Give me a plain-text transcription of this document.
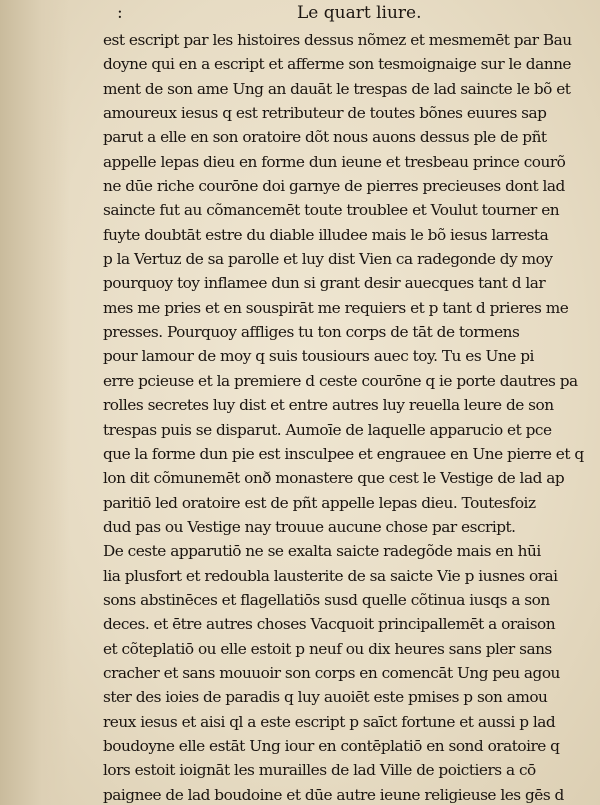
:	Le quart liure.
est escript par les histoires dessus nõmez et mesmemēt par Bau
doyne qui en a escript et afferme son tesmoignaige sur le danne
ment de son ame Ung an dauāt le trespas de lad saincte le bõ et
amoureux iesus q est retributeur de toutes bõnes euures sap
parut a elle en son oratoire dõt nous auons dessus ple de pñt
appelle lepas dieu en forme dun ieune et tresbeau prince courõ
ne dūe riche courōne doi garnye de pierres precieuses dont lad
saincte fut au cõmancemēt toute troublee et Voulut tourner en
fuyte doubtāt estre du diable illudee mais le bõ iesus larresta
p la Vertuz de sa parolle et luy dist Vien ca radegonde dy moy
pourquoy toy inflamee dun si grant desir auecques tant d lar
mes me pries et en souspirāt me requiers et p tant d prieres me
presses. Pourquoy affliges tu ton corps de tāt de tormens
pour lamour de moy q suis tousiours auec toy. Tu es Une pi
erre pcieuse et la premiere d ceste courōne q ie porte dautres pa
rolles secretes luy dist et entre autres luy reuella leure de son
trespas puis se disparut. Aumoīe de laquelle apparucio et pce
que la forme dun pie est insculpee et engrauee en Une pierre et q
lon dit cõmunemēt onð monastere que cest le Vestige de lad ap
paritiō led oratoire est de pñt appelle lepas dieu. Toutesfoiz
dud pas ou Vestige nay trouue aucune chose par escript.
De ceste apparutiō ne se exalta saicte radegõde mais en hūi
lia plusfort et redoubla lausterite de sa saicte Vie p iusnes orai
sons abstinēces et flagellatiōs susd quelle cõtinua iusqs a son
deces. et ētre autres choses Vacquoit principallemēt a oraison
et cõteplatiō ou elle estoit p neuf ou dix heures sans pler sans
cracher et sans mouuoir son corps en comencāt Ung peu agou
ster des ioies de paradis q luy auoiēt este pmises p son amou
reux iesus et aisi ql a este escript p saīct fortune et aussi p lad
boudoyne elle estāt Ung iour en contēplatiō en sond oratoire q
lors estoit ioignāt les murailles de lad Ville de poictiers a cō
paignee de lad boudoine et dūe autre ieune religieuse les gēs d
